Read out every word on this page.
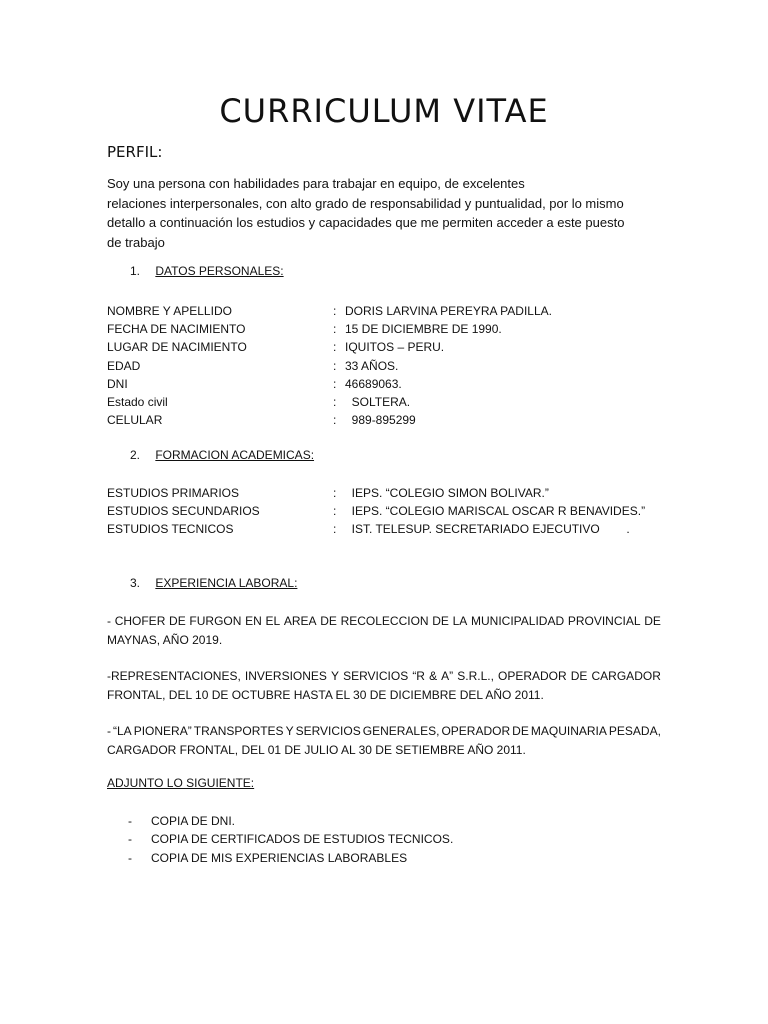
CURRICULUM VITAE
PERFIL:
Soy una persona con habilidades para trabajar en equipo, de excelentes
relaciones interpersonales, con alto grado de responsabilidad y puntualidad, por lo mismo
detallo a continuación los estudios y capacidades que me permiten acceder a este puesto
de trabajo
1. DATOS PERSONALES:
NOMBRE Y APELLIDO	: DORIS LARVINA PEREYRA PADILLA.
FECHA DE NACIMIENTO	: 15 DE DICIEMBRE DE 1990.
LUGAR DE NACIMIENTO	: IQUITOS – PERU.
EDAD	: 33 AÑOS.
DNI	: 46689063.
Estado civil	: SOLTERA.
CELULAR	: 989-895299
2. FORMACION ACADEMICAS:
ESTUDIOS PRIMARIOS	: IEPS. “COLEGIO SIMON BOLIVAR.”
ESTUDIOS SECUNDARIOS	: IEPS. “COLEGIO MARISCAL OSCAR R BENAVIDES.”
ESTUDIOS TECNICOS	: IST. TELESUP. SECRETARIADO EJECUTIVO        .
3. EXPERIENCIA LABORAL:
- CHOFER DE FURGON EN EL AREA DE RECOLECCION DE LA MUNICIPALIDAD PROVINCIAL DE
MAYNAS, AÑO 2019.
-REPRESENTACIONES, INVERSIONES Y SERVICIOS “R & A” S.R.L., OPERADOR DE CARGADOR
FRONTAL, DEL 10 DE OCTUBRE HASTA EL 30 DE DICIEMBRE DEL AÑO 2011.
- “LA PIONERA” TRANSPORTES Y SERVICIOS GENERALES, OPERADOR DE MAQUINARIA PESADA,
CARGADOR FRONTAL, DEL 01 DE JULIO AL 30 DE SETIEMBRE AÑO 2011.
ADJUNTO LO SIGUIENTE:
-	COPIA DE DNI.
-	COPIA DE CERTIFICADOS DE ESTUDIOS TECNICOS.
-	COPIA DE MIS EXPERIENCIAS LABORABLES
